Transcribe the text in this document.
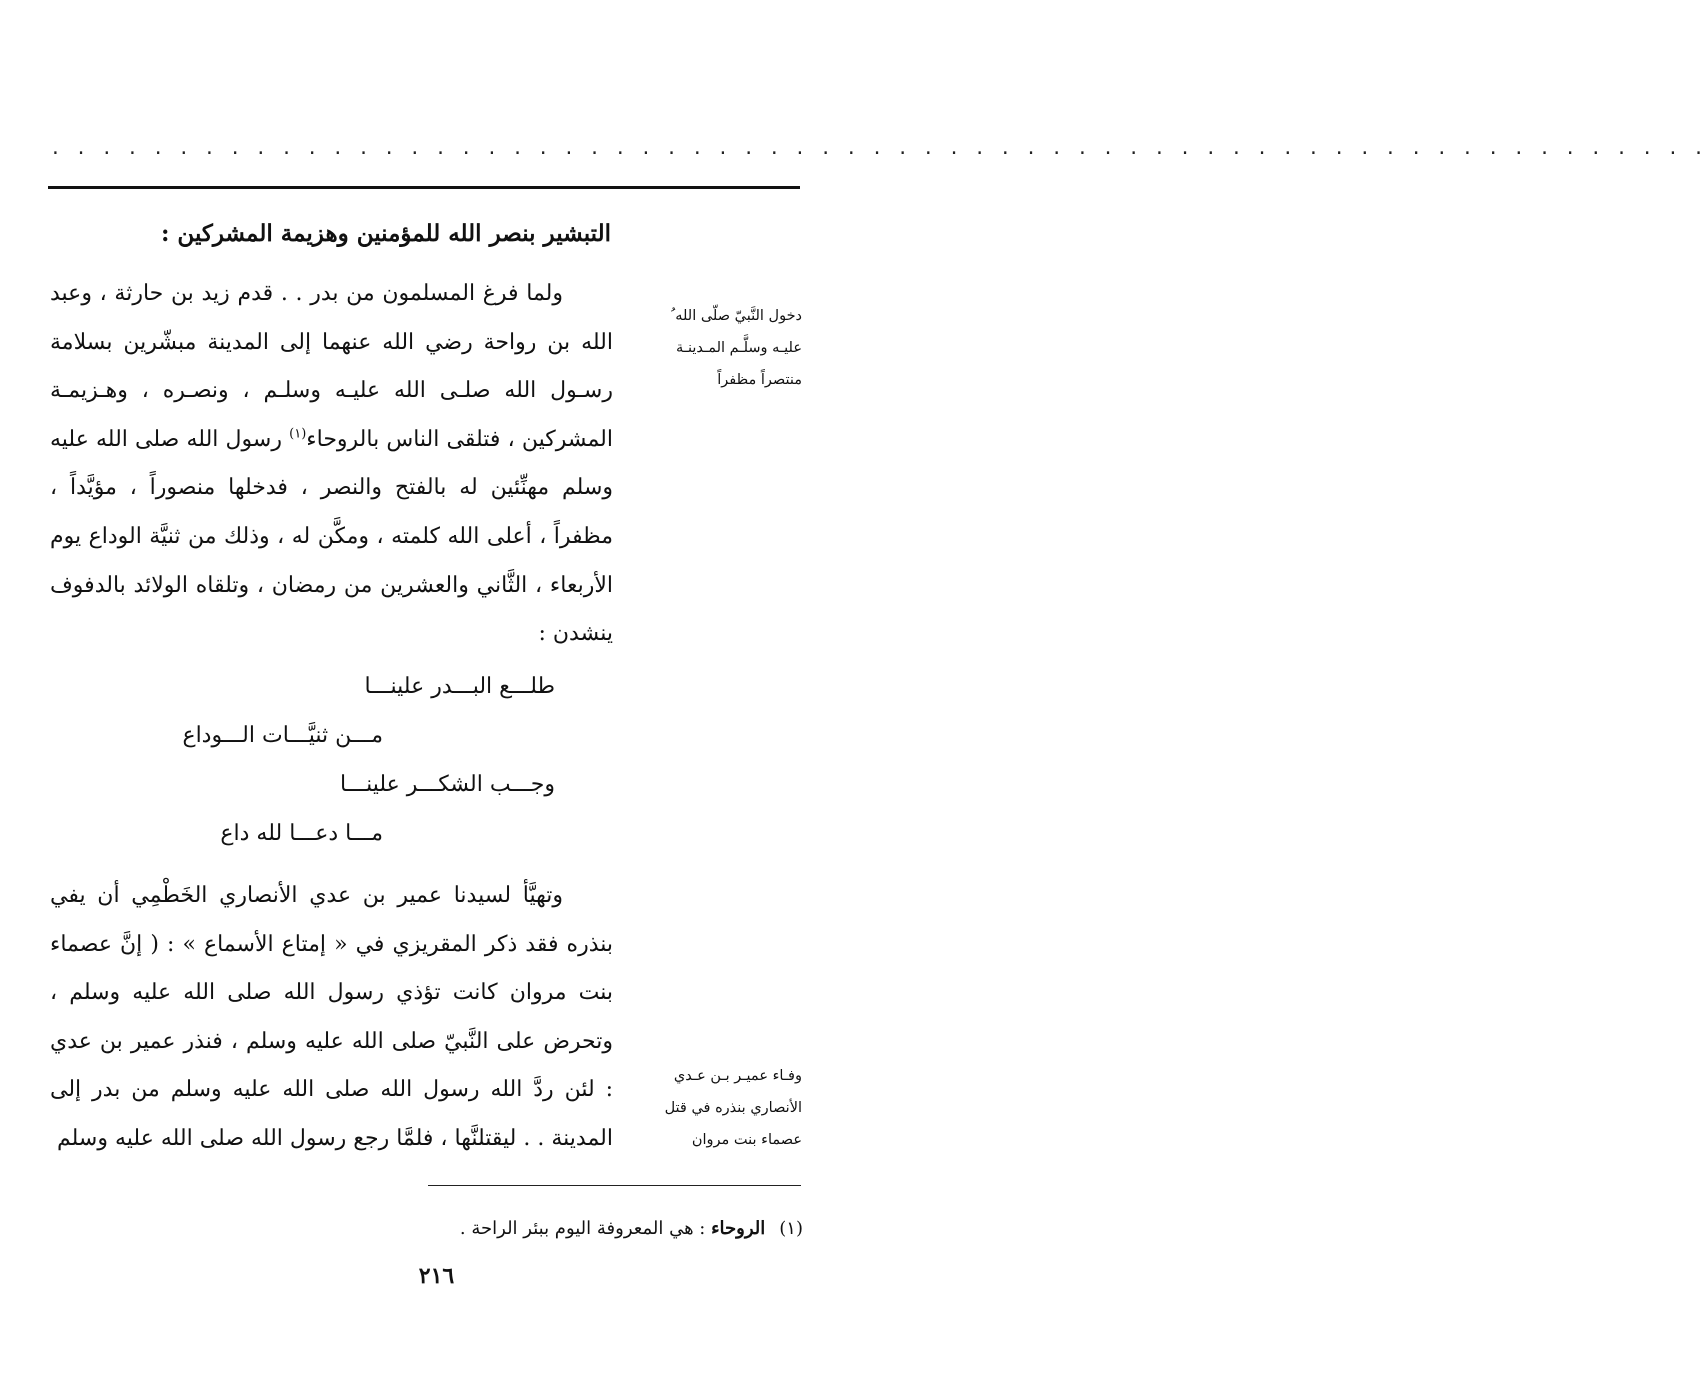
. . . . . . . . . . . . . . . . . . . . . . . . . . . . . . . . . . . . . . . . . . . . . . . . . . . . . . . . . . . . . . . . .
التبشير بنصر الله للمؤمنين وهزيمة المشركين :

ولما فرغ المسلمون من بدر . . قدم زيد بن حارثة ، وعبد الله بن رواحة رضي الله عنهما إلى المدينة مبشّرين بسلامة رسـول الله صلـى الله عليـه وسلـم ، ونصـره ، وهـزيمـة المشركين ، فتلقى الناس بالروحاء$^{(١)}$ رسول الله صلى الله عليه وسلم مهنِّئين له بالفتح والنصر ، فدخلها منصوراً ، مؤيَّداً ، مظفراً ، أعلى الله كلمته ، ومكَّن له ، وذلك من ثنيَّة الوداع يوم الأربعاء ، الثَّاني والعشرين من رمضان ، وتلقاه الولائد بالدفوف ينشدن :

طلـــع البـــدر علينـــا
مـــن ثنيَّـــات الـــوداع
وجـــب الشكـــر علينـــا
مـــا دعـــا لله داع

وتهيَّأ لسيدنا عمير بن عدي الأنصاري الخَطْمِي أن يفي بنذره فقد ذكر المقريزي في « إمتاع الأسماع » : ( إنَّ عصماء بنت مروان كانت تؤذي رسول الله صلى الله عليه وسلم ، وتحرض على النَّبيّ صلى الله عليه وسلم ، فنذر عمير بن عدي : لئن ردَّ الله رسول الله صلى الله عليه وسلم من بدر إلى المدينة . . ليقتلنَّها ، فلمَّا رجع رسول الله صلى الله عليه وسلم

دخول النَّبيّ صلّى الله ُ
عليـه وسلَّـم المـدينـة
منتصراً مظفراً
وفـاء عميـر بـن عـدي
الأنصاري بنذره في قتل
عصماء بنت مروان
(١)الروحاء : هي المعروفة اليوم ببئر الراحة .
٢١٦
